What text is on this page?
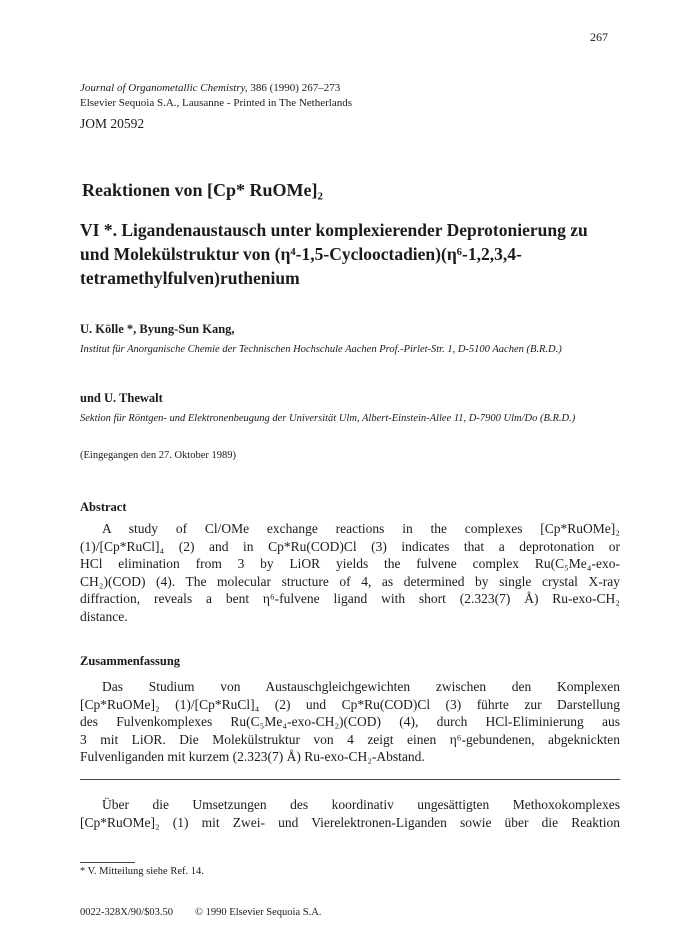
267
Journal of Organometallic Chemistry, 386 (1990) 267–273
Elsevier Sequoia S.A., Lausanne - Printed in The Netherlands
JOM 20592
Reaktionen von [Cp* RuOMe]₂
VI *. Ligandenaustausch unter komplexierender Deprotonierung zu und Molekülstruktur von (η⁴-1,5-Cyclooctadien)(η⁶-1,2,3,4-tetramethylfulven)ruthenium
U. Kölle *, Byung-Sun Kang,
Institut für Anorganische Chemie der Technischen Hochschule Aachen Prof.-Pirlet-Str. 1, D-5100 Aachen (B.R.D.)
und U. Thewalt
Sektion für Röntgen- und Elektronenbeugung der Universität Ulm, Albert-Einstein-Allee 11, D-7900 Ulm/Do (B.R.D.)
(Eingegangen den 27. Oktober 1989)
Abstract
A study of Cl/OMe exchange reactions in the complexes [Cp*RuOMe]₂
(1)/[Cp*RuCl]₄ (2) and in Cp*Ru(COD)Cl (3) indicates that a deprotonation or
HCl elimination from 3 by LiOR yields the fulvene complex Ru(C₅Me₄-exo-
CH₂)(COD) (4). The molecular structure of 4, as determined by single crystal X-ray
diffraction, reveals a bent η⁶-fulvene ligand with short (2.323(7) Å) Ru-exo-CH₂
distance.
Zusammenfassung
Das Studium von Austauschgleichgewichten zwischen den Komplexen
[Cp*RuOMe]₂ (1)/[Cp*RuCl]₄ (2) und Cp*Ru(COD)Cl (3) führte zur Darstellung
des Fulvenkomplexes Ru(C₅Me₄-exo-CH₂)(COD) (4), durch HCl-Eliminierung aus
3 mit LiOR. Die Molekülstruktur von 4 zeigt einen η⁶-gebundenen, abgeknickten
Fulvenliganden mit kurzem (2.323(7) Å) Ru-exo-CH₂-Abstand.
Über die Umsetzungen des koordinativ ungesättigten Methoxokomplexes
[Cp*RuOMe]₂ (1) mit Zwei- und Vierelektronen-Liganden sowie über die Reaktion
* V. Mitteilung siehe Ref. 14.
0022-328X/90/$03.50 © 1990 Elsevier Sequoia S.A.
